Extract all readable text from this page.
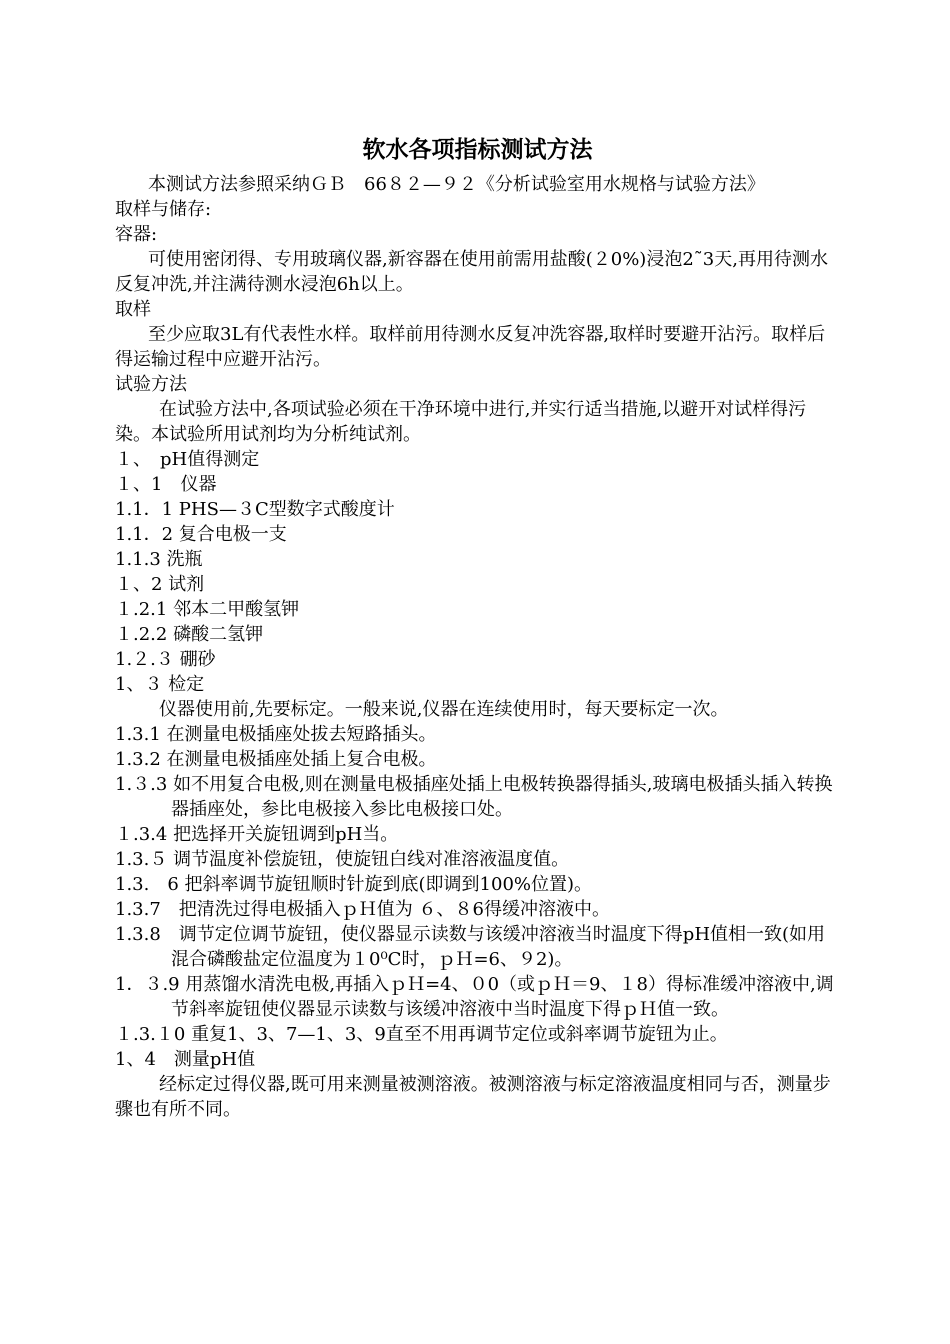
软水各项指标测试方法

本测试方法参照采纳ＧＢ　66８２—９２《分析试验室用水规格与试验方法》

取样与储存:

容器:

可使用密闭得、专用玻璃仪器,新容器在使用前需用盐酸(２0%)浸泡2˜3天,再用待测水反复冲洗,并注满待测水浸泡6h以上。

取样

至少应取3L有代表性水样。取样前用待测水反复冲洗容器,取样时要避开沾污。取样后得运输过程中应避开沾污。

试验方法

在试验方法中,各项试验必须在干净环境中进行,并实行适当措施,以避开对试样得污染。本试验所用试剂均为分析纯试剂。

１、　pH值得测定

１、1　仪器

1.1．1 PHS—３C型数字式酸度计

1.1．2 复合电极一支

1.1.3 洗瓶

１、2 试剂

１.2.1 邻本二甲酸氢钾

１.2.2 磷酸二氢钾

1.２.３ 硼砂

1、３ 检定

仪器使用前,先要标定。一般来说,仪器在连续使用时，每天要标定一次。

1.3.1 在测量电极插座处拔去短路插头。

1.3.2 在测量电极插座处插上复合电极。

1.３.3 如不用复合电极,则在测量电极插座处插上电极转换器得插头,玻璃电极插头插入转换器插座处，参比电极接入参比电极接口处。

１.3.4 把选择开关旋钮调到pH当。

1.3.５ 调节温度补偿旋钮，使旋钮白线对准溶液温度值。

1.3.　6 把斜率调节旋钮顺时针旋到底(即调到100%位置)。

1.3.7　把清洗过得电极插入ｐＨ值为 ６、８6得缓冲溶液中。

1.3.8　调节定位调节旋钮，使仪器显示读数与该缓冲溶液当时温度下得pH值相一致(如用混合磷酸盐定位温度为１0⁰C时，ｐＨ=6、９2)。

1．３.9 用蒸馏水清洗电极,再插入ｐＨ=4、０0（或ｐＨ＝9、１8）得标准缓冲溶液中,调节斜率旋钮使仪器显示读数与该缓冲溶液中当时温度下得ｐＨ值一致。

１.3.１0 重复1、3、7—1、3、9直至不用再调节定位或斜率调节旋钮为止。

1、4　测量pH值

经标定过得仪器,既可用来测量被测溶液。被测溶液与标定溶液温度相同与否，测量步骤也有所不同。
